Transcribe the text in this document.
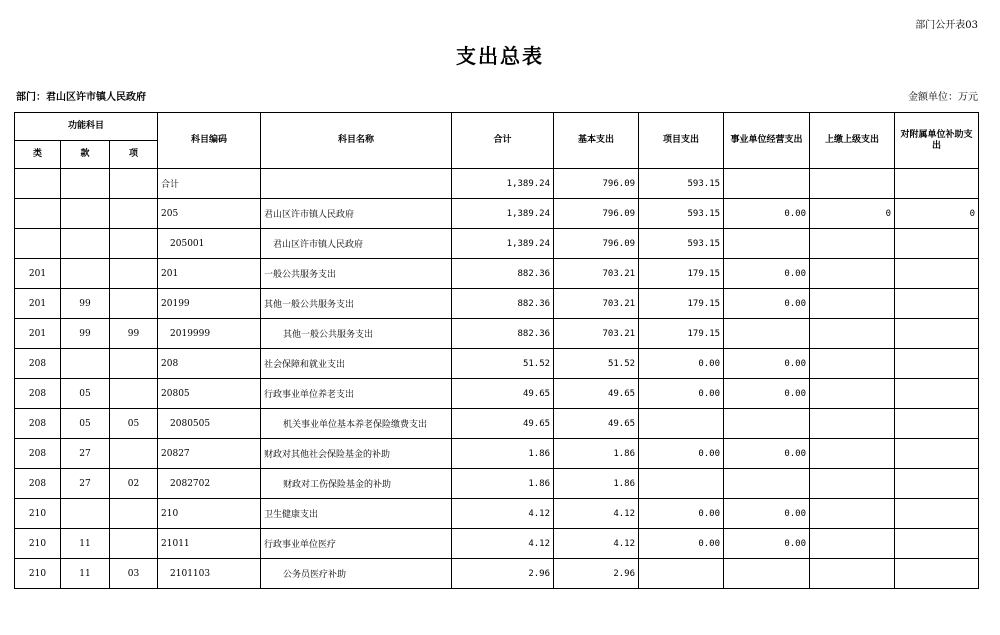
部门公开表03
支出总表
部门：君山区许市镇人民政府	金额单位：万元
功能科目			科目编码	科目名称	合计	基本支出	项目支出	事业单位经营支出	上缴上级支出	对附属单位补助支出
类	款	项								
			合计		1,389.24	796.09	593.15			
			205	君山区许市镇人民政府	1,389.24	796.09	593.15	0.00	0	0
			205001	君山区许市镇人民政府	1,389.24	796.09	593.15			
201			201	一般公共服务支出	882.36	703.21	179.15	0.00		
201	99		20199	其他一般公共服务支出	882.36	703.21	179.15	0.00		
201	99	99	2019999	其他一般公共服务支出	882.36	703.21	179.15			
208			208	社会保障和就业支出	51.52	51.52	0.00	0.00		
208	05		20805	行政事业单位养老支出	49.65	49.65	0.00	0.00		
208	05	05	2080505	机关事业单位基本养老保险缴费支出	49.65	49.65				
208	27		20827	财政对其他社会保险基金的补助	1.86	1.86	0.00	0.00		
208	27	02	2082702	财政对工伤保险基金的补助	1.86	1.86				
210			210	卫生健康支出	4.12	4.12	0.00	0.00		
210	11		21011	行政事业单位医疗	4.12	4.12	0.00	0.00		
210	11	03	2101103	公务员医疗补助	2.96	2.96				
